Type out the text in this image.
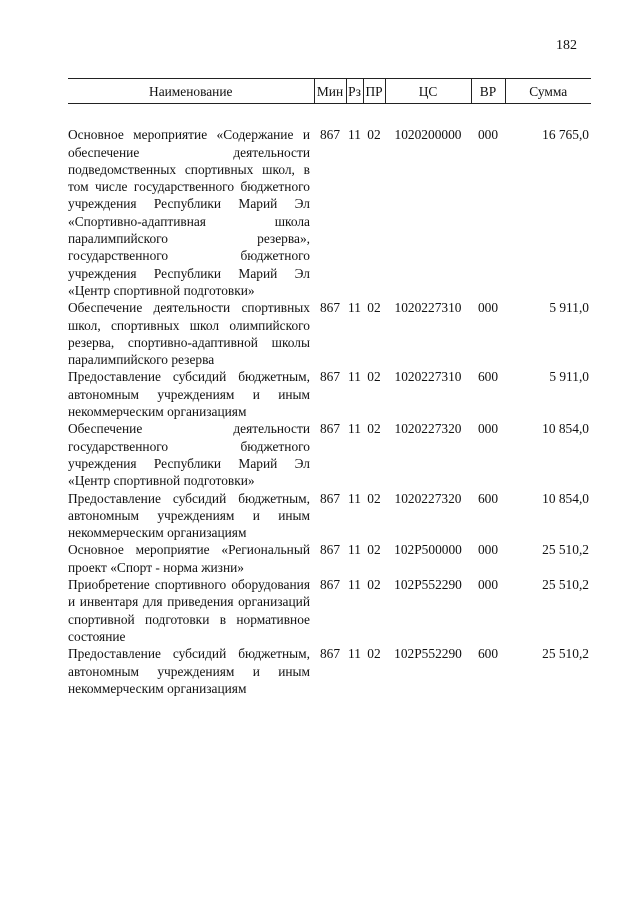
182
Наименование	Мин	Рз	ПР	ЦС	ВР	Сумма

Основное мероприятие «Содержание и обеспечение деятельности подведомственных спортивных школ, в том числе государственного бюджетного учреждения Республики Марий Эл «Спортивно-адаптивная школа паралимпийского резерва», государственного бюджетного учреждения Республики Марий Эл «Центр спортивной подготовки»	867	11	02	1020200000	000	16 765,0
Обеспечение деятельности спортивных школ, спортивных школ олимпийского резерва, спортивно-адаптивной школы паралимпийского резерва	867	11	02	1020227310	000	5 911,0
Предоставление субсидий бюджетным, автономным учреждениям и иным некоммерческим организациям	867	11	02	1020227310	600	5 911,0
Обеспечение деятельности государственного бюджетного учреждения Республики Марий Эл «Центр спортивной подготовки»	867	11	02	1020227320	000	10 854,0
Предоставление субсидий бюджетным, автономным учреждениям и иным некоммерческим организациям	867	11	02	1020227320	600	10 854,0
Основное мероприятие «Региональный проект «Спорт - норма жизни»	867	11	02	102P500000	000	25 510,2
Приобретение спортивного оборудования и инвентаря для приведения организаций спортивной подготовки в нормативное состояние	867	11	02	102P552290	000	25 510,2
Предоставление субсидий бюджетным, автономным учреждениям и иным некоммерческим организациям	867	11	02	102P552290	600	25 510,2
